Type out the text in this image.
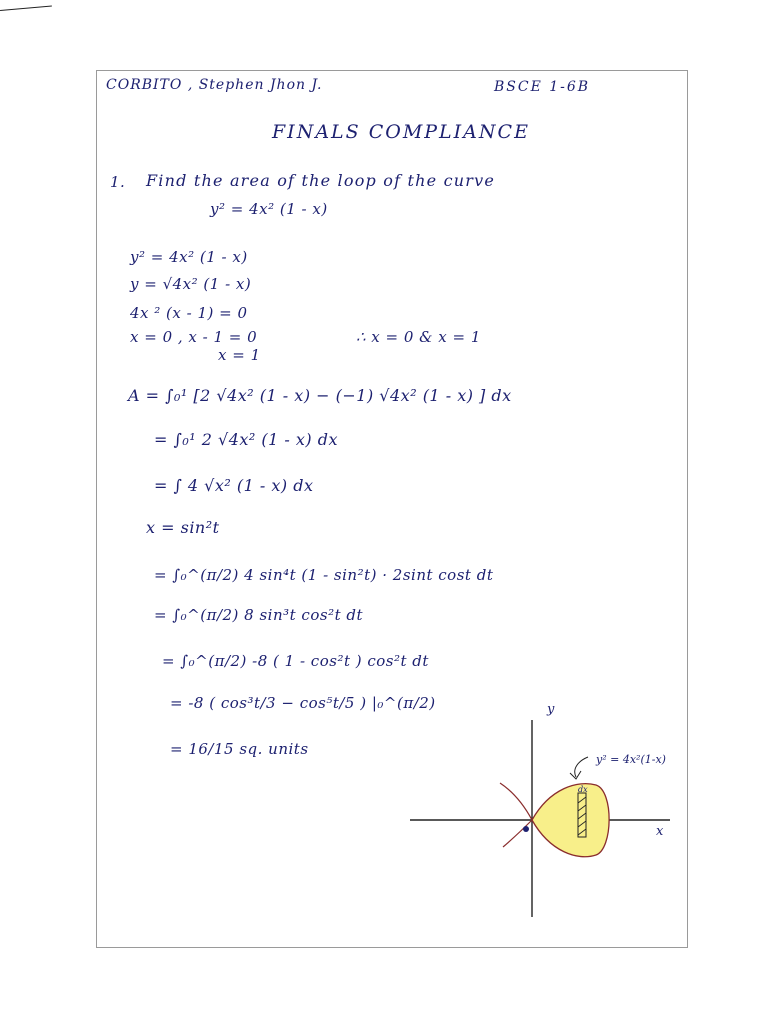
CORBITO , Stephen Jhon J.	BSCE 1-6B
FINALS COMPLIANCE
1. Find the area of the loop of the curve
y² = 4x² (1 - x)
y² = 4x² (1 - x)
y = √4x² (1 - x)
4x ² (x - 1) = 0
x = 0 , x - 1 = 0
x = 1
∴ x = 0 & x = 1
A = ∫₀¹ [2 √4x² (1 - x) − (−1) √4x² (1 - x) ] dx
= ∫₀¹ 2 √4x² (1 - x) dx
= ∫ 4 √x² (1 - x) dx
x = sin²t
= ∫₀^(π/2) 4 sin⁴t (1 - sin²t) · 2sint cost dt
= ∫₀^(π/2) 8 sin³t cos²t dt
= ∫₀^(π/2) -8 ( 1 - cos²t ) cos²t dt
= -8 ( cos³t/3 − cos⁵t/5 ) |₀^(π/2)
= 16/15 sq. units
y
x
y² = 4x²(1-x)
dx
